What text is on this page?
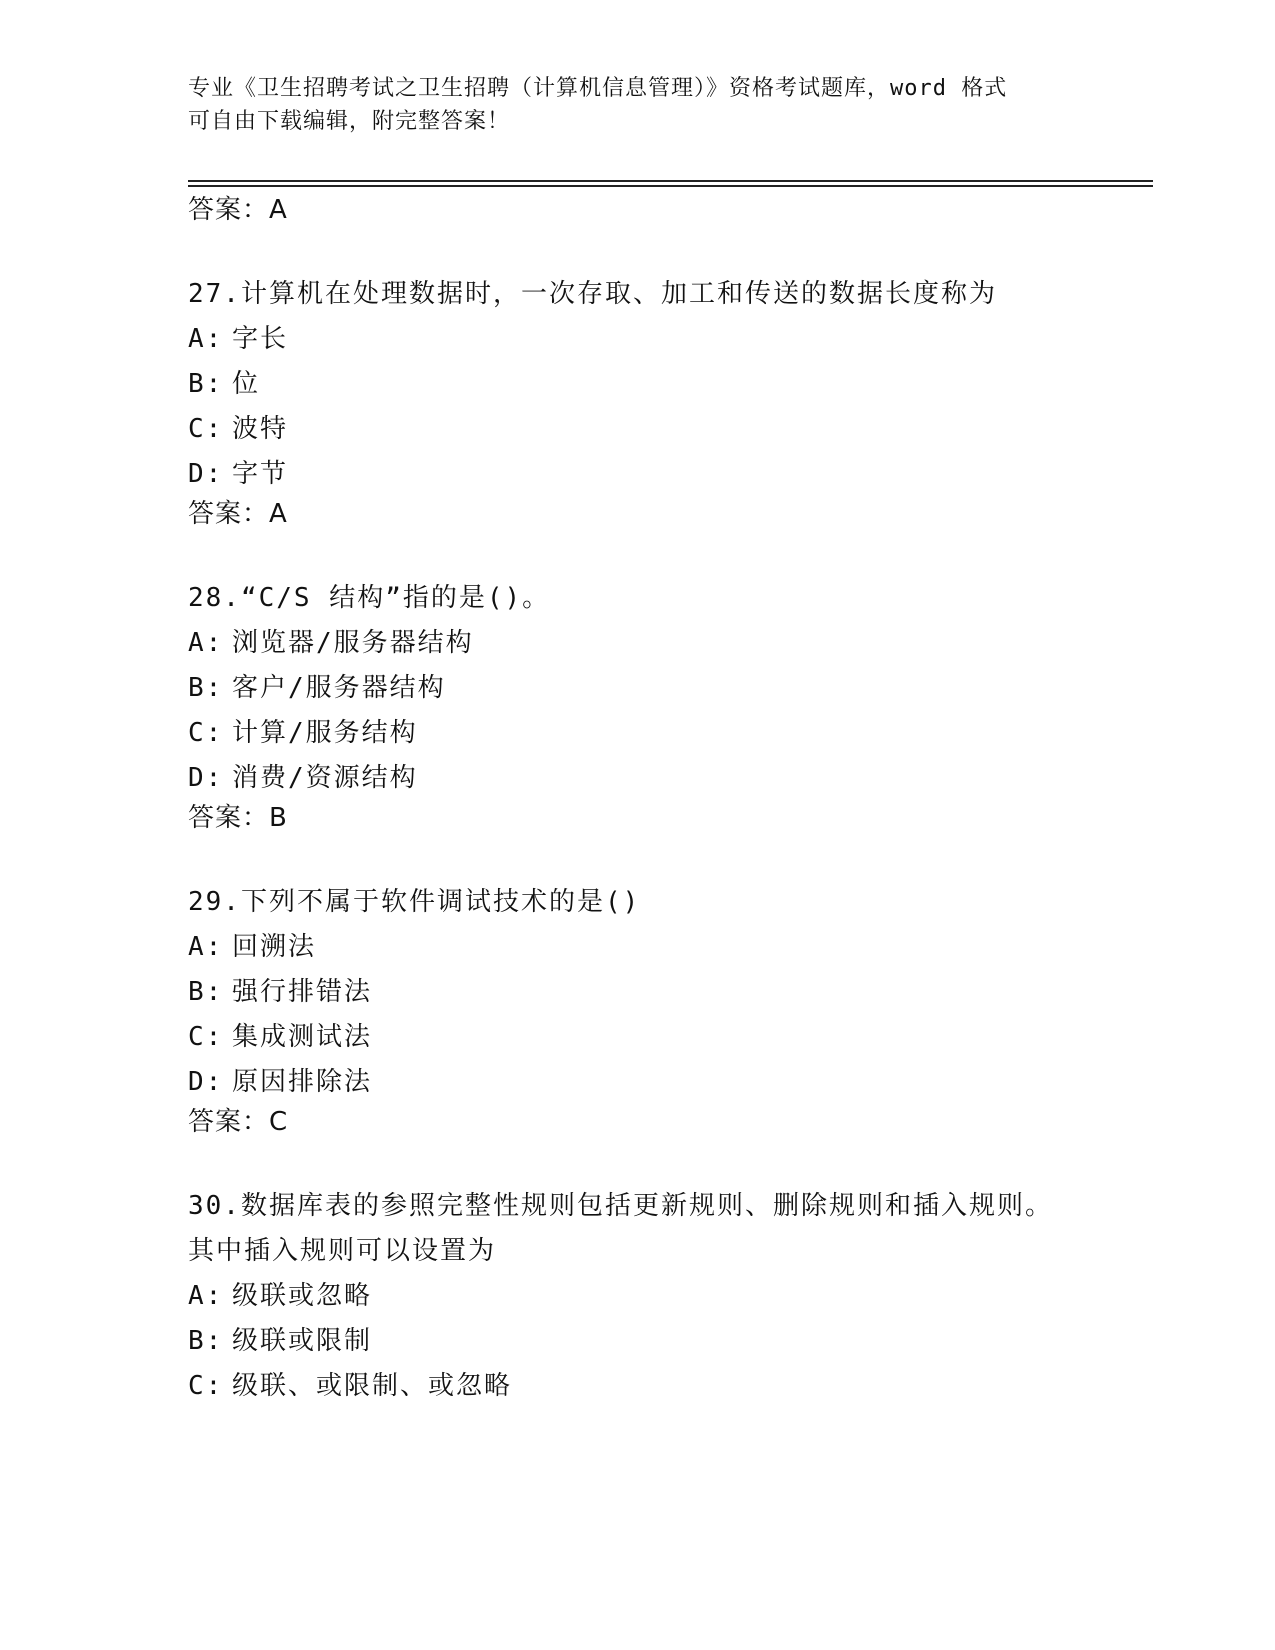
专业《卫生招聘考试之卫生招聘（计算机信息管理）》资格考试题库，word 格式
可自由下载编辑，附完整答案！
答案：A
27.计算机在处理数据时，一次存取、加工和传送的数据长度称为
A: 字长
B: 位
C: 波特
D: 字节
答案：A
28.“C/S 结构”指的是()。
A: 浏览器/服务器结构
B: 客户/服务器结构
C: 计算/服务结构
D: 消费/资源结构
答案：B
29.下列不属于软件调试技术的是()
A: 回溯法
B: 强行排错法
C: 集成测试法
D: 原因排除法
答案：C
30.数据库表的参照完整性规则包括更新规则、删除规则和插入规则。
其中插入规则可以设置为
A: 级联或忽略
B: 级联或限制
C: 级联、或限制、或忽略
